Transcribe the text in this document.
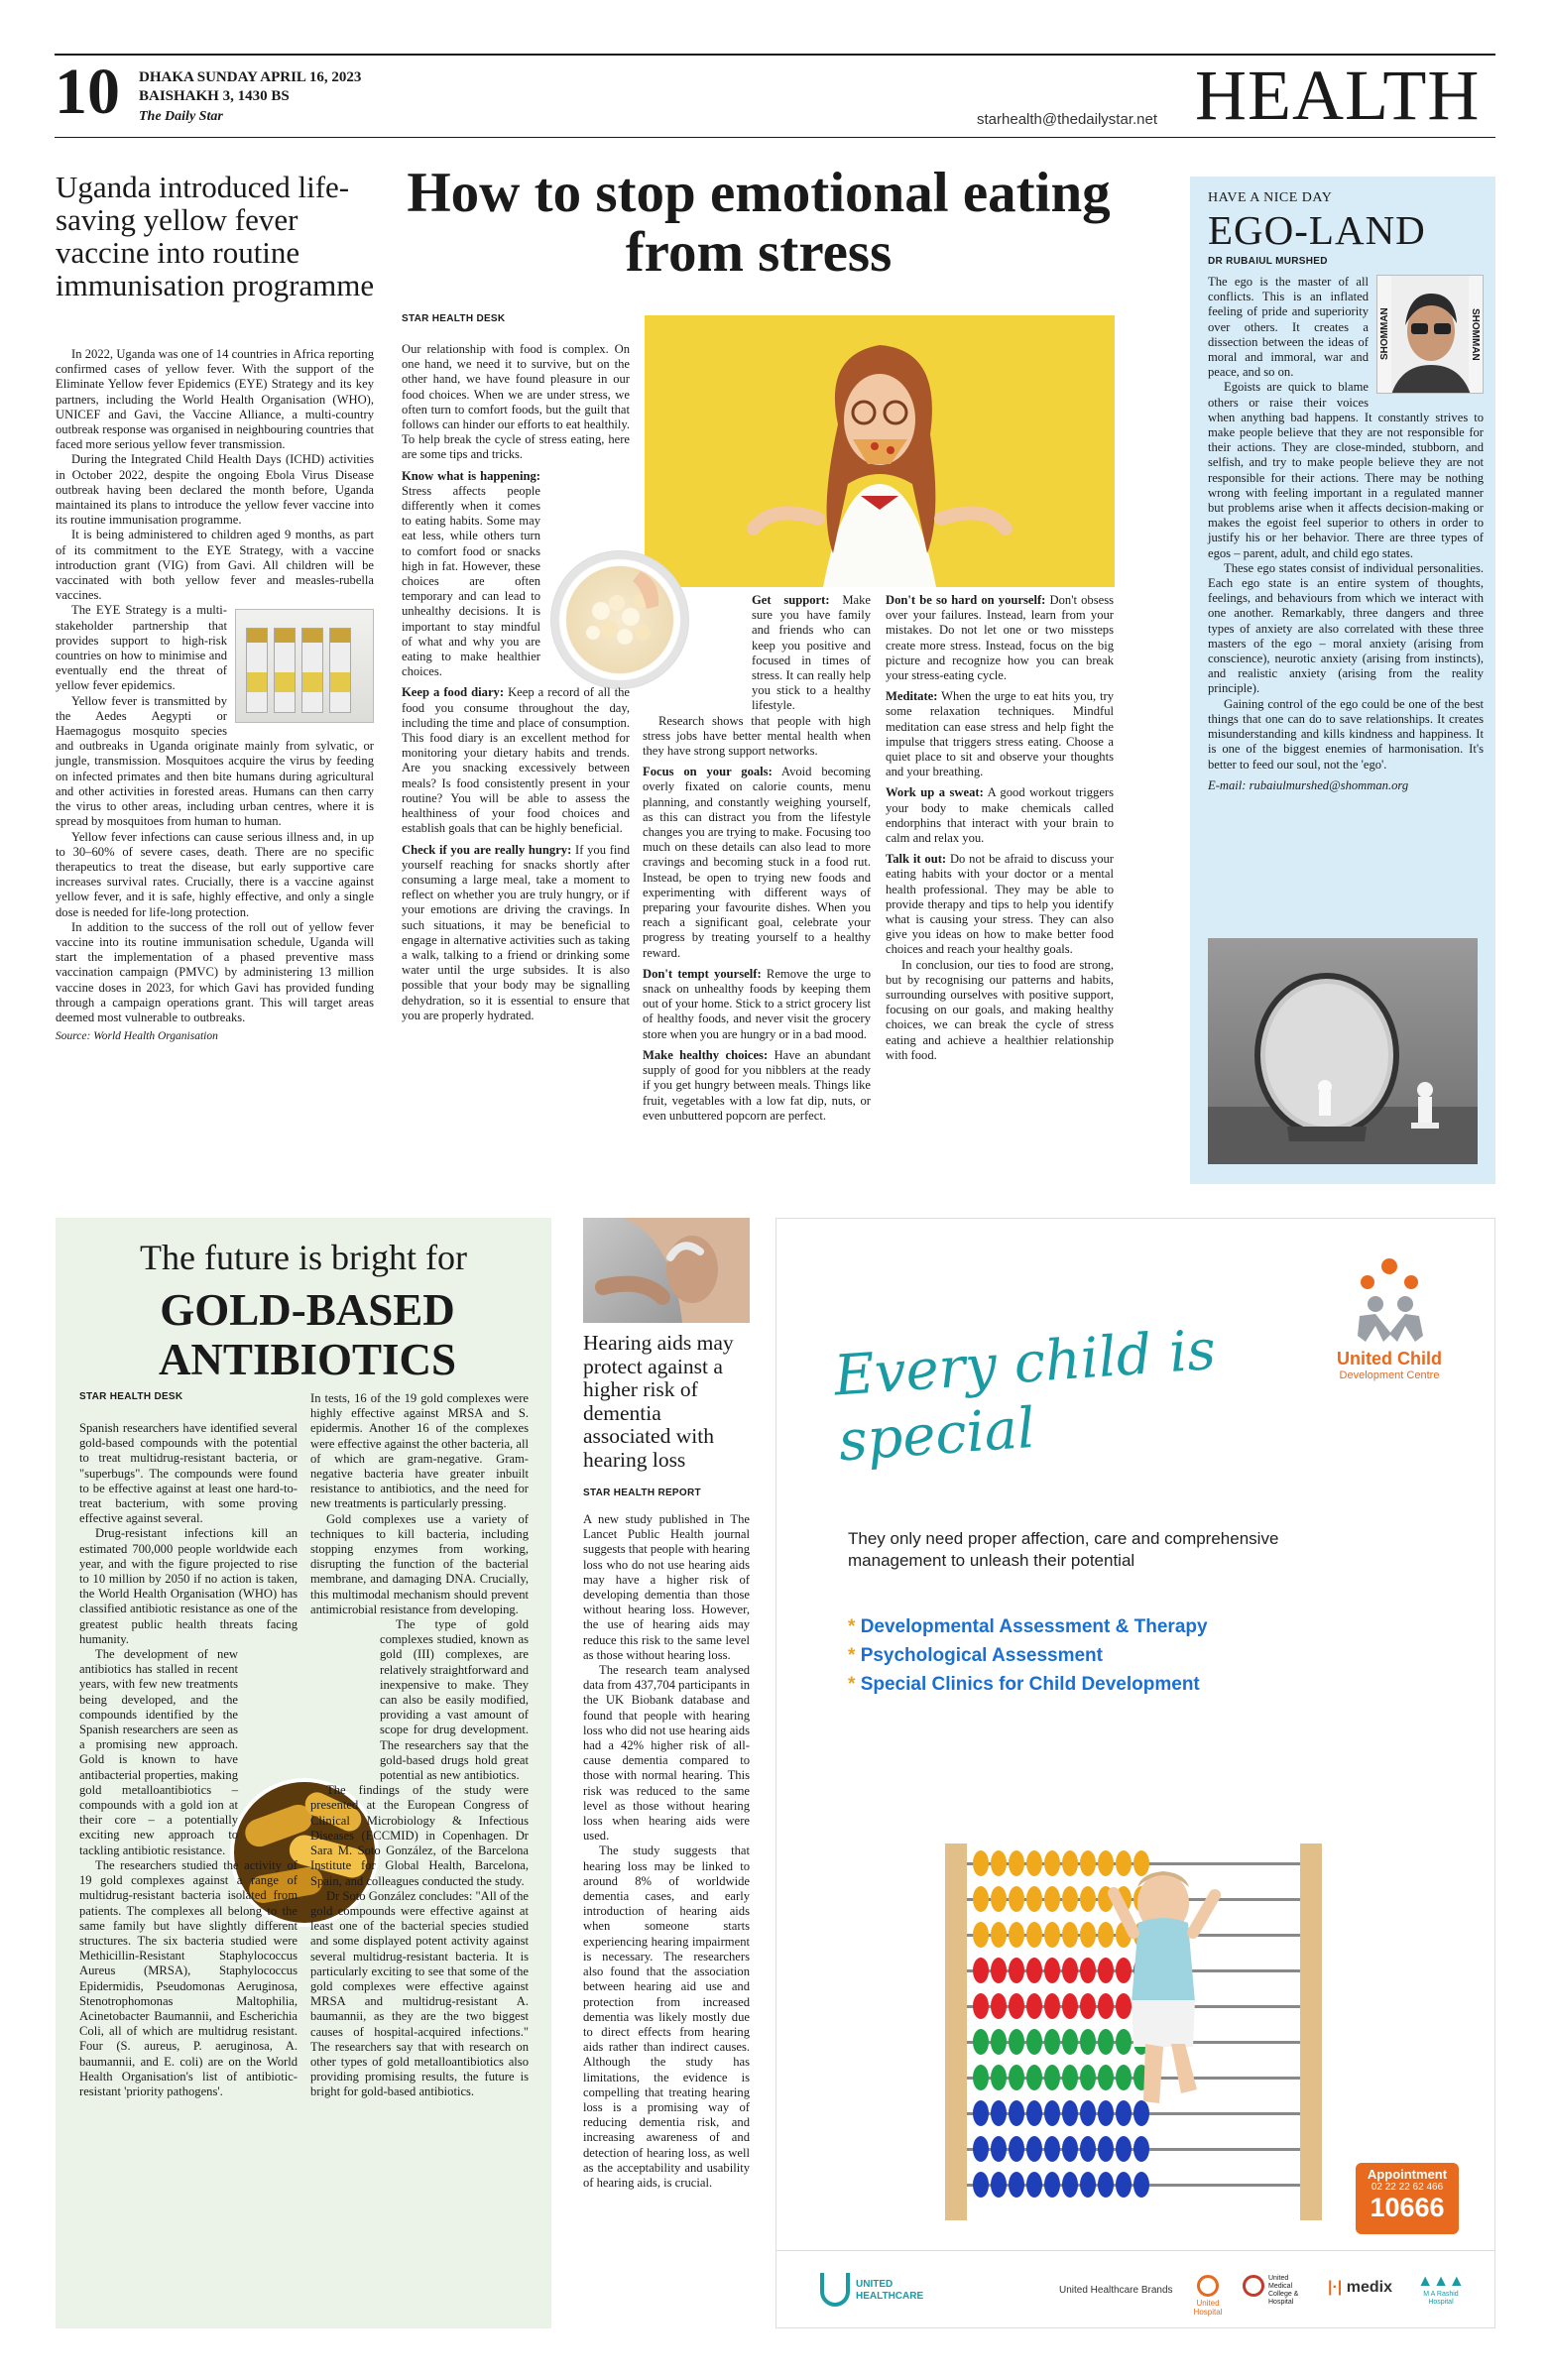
10 DHAKA SUNDAY APRIL 16, 2023
BAISHAKH 3, 1430 BS
The Daily Star	starhealth@thedailystar.net HEALTH
Uganda introduced life-saving yellow fever vaccine into routine immunisation programme

In 2022, Uganda was one of 14 countries in Africa reporting confirmed cases of yellow fever. With the support of the Eliminate Yellow fever Epidemics (EYE) Strategy and its key partners, including the World Health Organisation (WHO), UNICEF and Gavi, the Vaccine Alliance, a multi-country outbreak response was organised in neighbouring countries that faced more serious yellow fever transmission.

During the Integrated Child Health Days (ICHD) activities in October 2022, despite the ongoing Ebola Virus Disease outbreak having been declared the month before, Uganda maintained its plans to introduce the yellow fever vaccine into its routine immunisation programme.

It is being administered to children aged 9 months, as part of its commitment to the EYE Strategy, with a vaccine introduction grant (VIG) from Gavi. All children will be vaccinated with both yellow fever and measles-rubella vaccines.

The EYE Strategy is a multi-stakeholder partnership that provides support to high-risk countries on how to minimise and eventually end the threat of yellow fever epidemics.

Yellow fever is transmitted by the Aedes Aegypti or Haemagogus mosquito species and outbreaks in Uganda originate mainly from sylvatic, or jungle, transmission. Mosquitoes acquire the virus by feeding on infected primates and then bite humans during agricultural and other activities in forested areas. Humans can then carry the virus to other areas, including urban centres, where it is spread by mosquitoes from human to human.

Yellow fever infections can cause serious illness and, in up to 30–60% of severe cases, death. There are no specific therapeutics to treat the disease, but early supportive care increases survival rates. Crucially, there is a vaccine against yellow fever, and it is safe, highly effective, and only a single dose is needed for life-long protection.

In addition to the success of the roll out of yellow fever vaccine into its routine immunisation schedule, Uganda will start the implementation of a phased preventive mass vaccination campaign (PMVC) by administering 13 million vaccine doses in 2023, for which Gavi has provided funding through a campaign operations grant. This will target areas deemed most vulnerable to outbreaks.

Source: World Health Organisation

How to stop emotional eating from stress
STAR HEALTH DESK

Our relationship with food is complex. On one hand, we need it to survive, but on the other hand, we have found pleasure in our food choices. When we are under stress, we often turn to comfort foods, but the guilt that follows can hinder our efforts to eat healthily. To help break the cycle of stress eating, here are some tips and tricks.

Know what is happening: Stress affects people differently when it comes to eating habits. Some may eat less, while others turn to comfort food or snacks high in fat. However, these choices are often temporary and can lead to unhealthy decisions. It is important to stay mindful of what and why you are eating to make healthier choices.

Keep a food diary: Keep a record of all the food you consume throughout the day, including the time and place of consumption. This food diary is an excellent method for monitoring your dietary habits and trends. Are you snacking excessively between meals? Is food consistently present in your routine? You will be able to assess the healthiness of your food choices and establish goals that can be highly beneficial.

Check if you are really hungry: If you find yourself reaching for snacks shortly after consuming a large meal, take a moment to reflect on whether you are truly hungry, or if your emotions are driving the cravings. In such situations, it may be beneficial to engage in alternative activities such as taking a walk, talking to a friend or drinking some water until the urge subsides. It is also possible that your body may be signalling dehydration, so it is essential to ensure that you are properly hydrated.

Get support: Make sure you have family and friends who can keep you positive and focused in times of stress. It can really help you stick to a healthy lifestyle.

Research shows that people with high stress jobs have better mental health when they have strong support networks.

Focus on your goals: Avoid becoming overly fixated on calorie counts, menu planning, and constantly weighing yourself, as this can distract you from the lifestyle changes you are trying to make. Focusing too much on these details can also lead to more cravings and becoming stuck in a food rut. Instead, be open to trying new foods and experimenting with different ways of preparing your favourite dishes. When you reach a significant goal, celebrate your progress by treating yourself to a healthy reward.

Don't tempt yourself: Remove the urge to snack on unhealthy foods by keeping them out of your home. Stick to a strict grocery list of healthy foods, and never visit the grocery store when you are hungry or in a bad mood.

Make healthy choices: Have an abundant supply of good for you nibblers at the ready if you get hungry between meals. Things like fruit, vegetables with a low fat dip, nuts, or even unbuttered popcorn are perfect.

Don't be so hard on yourself: Don't obsess over your failures. Instead, learn from your mistakes. Do not let one or two missteps create more stress. Instead, focus on the big picture and recognize how you can break your stress-eating cycle.

Meditate: When the urge to eat hits you, try some relaxation techniques. Mindful meditation can ease stress and help fight the impulse that triggers stress eating. Choose a quiet place to sit and observe your thoughts and your breathing.

Work up a sweat: A good workout triggers your body to make chemicals called endorphins that interact with your brain to calm and relax you.

Talk it out: Do not be afraid to discuss your eating habits with your doctor or a mental health professional. They may be able to provide therapy and tips to help you identify what is causing your stress. They can also give you ideas on how to make better food choices and reach your healthy goals.

In conclusion, our ties to food are strong, but by recognising our patterns and habits, surrounding ourselves with positive support, focusing on our goals, and making healthy choices, we can break the cycle of stress eating and achieve a healthier relationship with food.

HAVE A NICE DAY
EGO-LAND
DR RUBAIUL MURSHED
SHOMMAN	SHOMMAN

The ego is the master of all conflicts. This is an inflated feeling of pride and superiority over others. It creates a dissection between the ideas of moral and immoral, war and peace, and so on.

Egoists are quick to blame others or raise their voices when anything bad happens. It constantly strives to make people believe that they are not responsible for their actions. They are close-minded, stubborn, and selfish, and try to make people believe they are not responsible for their actions. There may be nothing wrong with feeling important in a regulated manner but problems arise when it affects decision-making or makes the egoist feel superior to others in order to justify his or her behavior. There are three types of egos – parent, adult, and child ego states.

These ego states consist of individual personalities. Each ego state is an entire system of thoughts, feelings, and behaviours from which we interact with one another. Remarkably, three dangers and three types of anxiety are also correlated with these three masters of the ego – moral anxiety (arising from conscience), neurotic anxiety (arising from instincts), and realistic anxiety (arising from the reality principle).

Gaining control of the ego could be one of the best things that one can do to save relationships. It creates misunderstanding and kills kindness and happiness. It is one of the biggest enemies of harmonisation. It's better to feed our soul, not the 'ego'.

E-mail: rubaiulmurshed@shomman.org

The future is bright for
GOLD-BASED ANTIBIOTICS
STAR HEALTH DESK

Spanish researchers have identified several gold-based compounds with the potential to treat multidrug-resistant bacteria, or "superbugs". The compounds were found to be effective against at least one hard-to-treat bacterium, with some proving effective against several.

Drug-resistant infections kill an estimated 700,000 people worldwide each year, and with the figure projected to rise to 10 million by 2050 if no action is taken, the World Health Organisation (WHO) has classified antibiotic resistance as one of the greatest public health threats facing humanity.

The development of new antibiotics has stalled in recent years, with few new treatments being developed, and the compounds identified by the Spanish researchers are seen as a promising new approach. Gold is known to have antibacterial properties, making gold metalloantibiotics – compounds with a gold ion at their core – a potentially exciting new approach to tackling antibiotic resistance.

The researchers studied the activity of 19 gold complexes against a range of multidrug-resistant bacteria isolated from patients. The complexes all belong to the same family but have slightly different structures. The six bacteria studied were Methicillin-Resistant Staphylococcus Aureus (MRSA), Staphylococcus Epidermidis, Pseudomonas Aeruginosa, Stenotrophomonas Maltophilia, Acinetobacter Baumannii, and Escherichia Coli, all of which are multidrug resistant. Four (S. aureus, P. aeruginosa, A. baumannii, and E. coli) are on the World Health Organisation's list of antibiotic-resistant 'priority pathogens'.

In tests, 16 of the 19 gold complexes were highly effective against MRSA and S. epidermis. Another 16 of the complexes were effective against the other bacteria, all of which are gram-negative. Gram-negative bacteria have greater inbuilt resistance to antibiotics, and the need for new treatments is particularly pressing.

Gold complexes use a variety of techniques to kill bacteria, including stopping enzymes from working, disrupting the function of the bacterial membrane, and damaging DNA. Crucially, this multimodal mechanism should prevent antimicrobial resistance from developing.

The type of gold complexes studied, known as gold (III) complexes, are relatively straightforward and inexpensive to make. They can also be easily modified, providing a vast amount of scope for drug development. The researchers say that the gold-based drugs hold great potential as new antibiotics.

The findings of the study were presented at the European Congress of Clinical Microbiology & Infectious Diseases (ECCMID) in Copenhagen. Dr Sara M. Soto González, of the Barcelona Institute for Global Health, Barcelona, Spain, and colleagues conducted the study.

Dr Soto González concludes: "All of the gold compounds were effective against at least one of the bacterial species studied and some displayed potent activity against several multidrug-resistant bacteria. It is particularly exciting to see that some of the gold complexes were effective against MRSA and multidrug-resistant A. baumannii, as they are the two biggest causes of hospital-acquired infections." The researchers say that with research on other types of gold metalloantibiotics also providing promising results, the future is bright for gold-based antibiotics.

Hearing aids may protect against a higher risk of dementia associated with hearing loss
STAR HEALTH REPORT

A new study published in The Lancet Public Health journal suggests that people with hearing loss who do not use hearing aids may have a higher risk of developing dementia than those without hearing loss. However, the use of hearing aids may reduce this risk to the same level as those without hearing loss.

The research team analysed data from 437,704 participants in the UK Biobank database and found that people with hearing loss who did not use hearing aids had a 42% higher risk of all-cause dementia compared to those with normal hearing. This risk was reduced to the same level as those without hearing loss when hearing aids were used.

The study suggests that hearing loss may be linked to around 8% of worldwide dementia cases, and early introduction of hearing aids when someone starts experiencing hearing impairment is necessary. The researchers also found that the association between hearing aid use and protection from increased dementia was likely mostly due to direct effects from hearing aids rather than indirect causes. Although the study has limitations, the evidence is compelling that treating hearing loss is a promising way of reducing dementia risk, and increasing awareness of and detection of hearing loss, as well as the acceptability and usability of hearing aids, is crucial.

Every child is special
United Child
Development Centre
They only need proper affection, care and comprehensive management to unleash their potential
* Developmental Assessment & Therapy
* Psychological Assessment
* Special Clinics for Child Development
Appointment
02 22 22 62 466
10666
UNITED HEALTHCARE
United Healthcare Brands
United Hospital
United Medical College & Hospital
|·| medix ▲▲▲
M A Rashid Hospital
